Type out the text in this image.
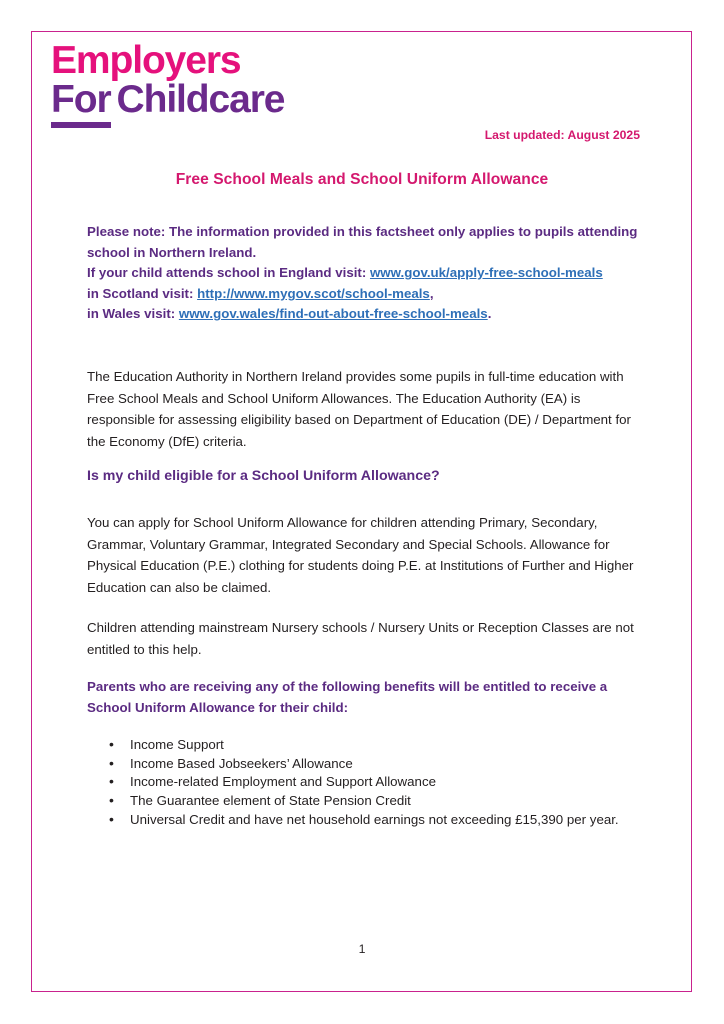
Employers
For Childcare
Last updated: August 2025
Free School Meals and School Uniform Allowance
Please note: The information provided in this factsheet only applies to pupils attending school in Northern Ireland.
If your child attends school in England visit: www.gov.uk/apply-free-school-meals
in Scotland visit: http://www.mygov.scot/school-meals,
in Wales visit: www.gov.wales/find-out-about-free-school-meals.
The Education Authority in Northern Ireland provides some pupils in full-time education with Free School Meals and School Uniform Allowances. The Education Authority (EA) is responsible for assessing eligibility based on Department of Education (DE) / Department for the Economy (DfE) criteria.
Is my child eligible for a School Uniform Allowance?
You can apply for School Uniform Allowance for children attending Primary, Secondary, Grammar, Voluntary Grammar, Integrated Secondary and Special Schools. Allowance for Physical Education (P.E.) clothing for students doing P.E. at Institutions of Further and Higher Education can also be claimed.
Children attending mainstream Nursery schools / Nursery Units or Reception Classes are not entitled to this help.
Parents who are receiving any of the following benefits will be entitled to receive a School Uniform Allowance for their child:
• Income Support
• Income Based Jobseekers’ Allowance
• Income-related Employment and Support Allowance
• The Guarantee element of State Pension Credit
• Universal Credit and have net household earnings not exceeding £15,390 per year.
1
